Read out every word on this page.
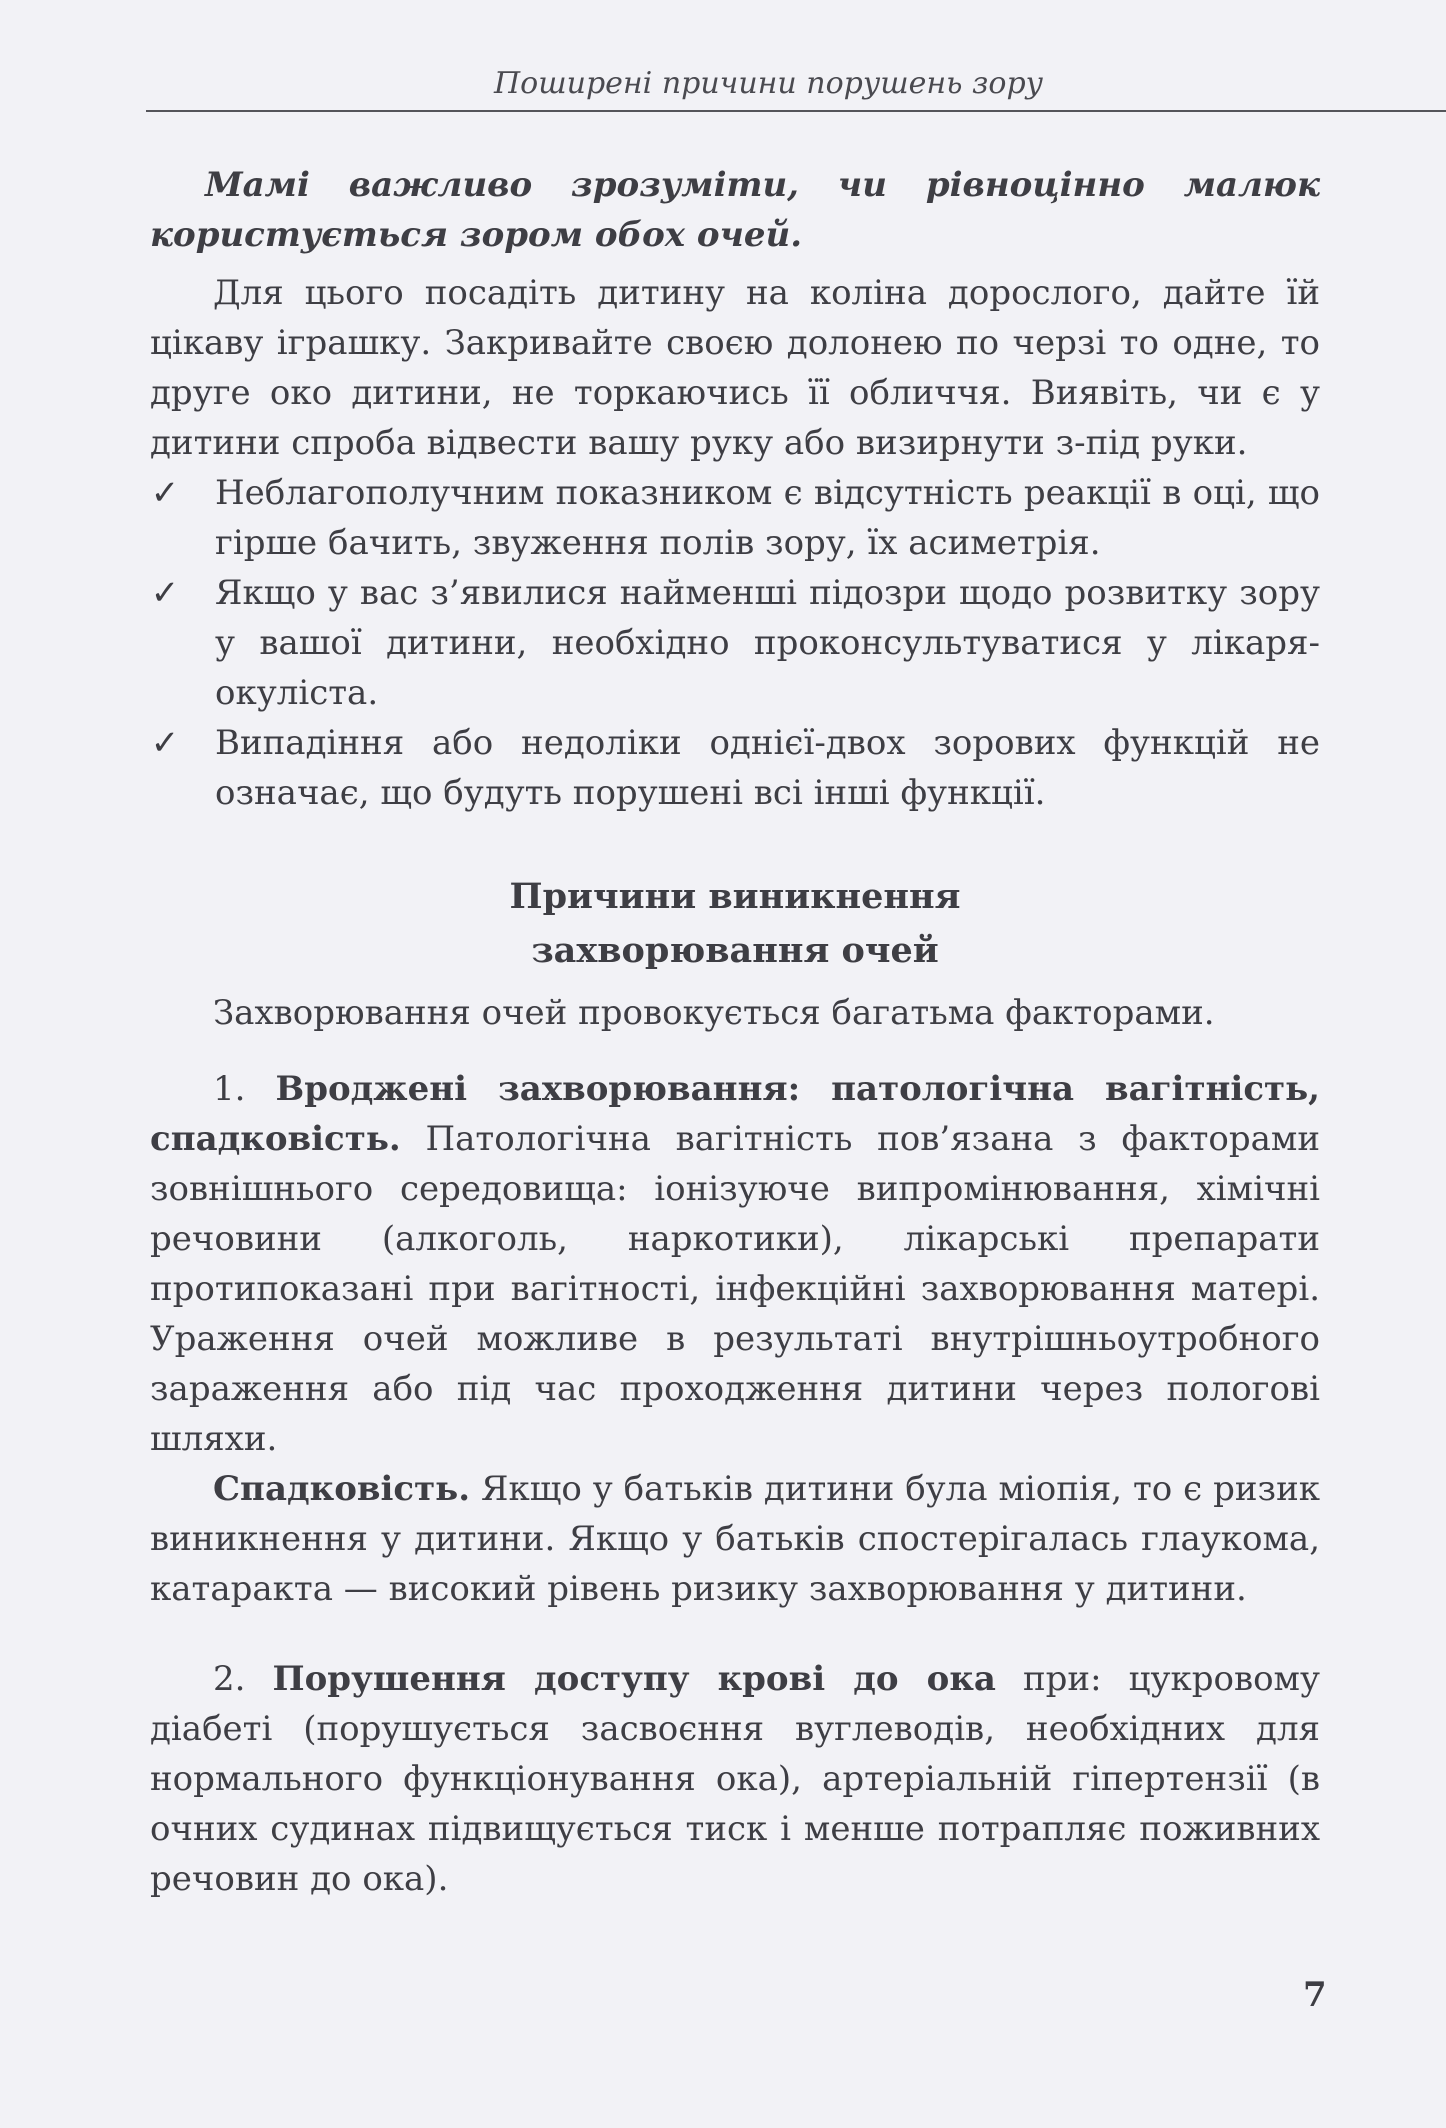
Поширені причини порушень зору

Мамі важливо зрозуміти, чи рівноцінно малюк користується зором обох очей.

Для цього посадіть дитину на коліна дорослого, дайте їй цікаву іграшку. Закривайте своєю долонею по черзі то одне, то друге око дитини, не торкаючись її обличчя. Виявіть, чи є у дитини спроба відвести вашу руку або визирнути з-під руки.

✓ Неблагополучним показником є відсутність реакції в оці, що гірше бачить, звуження полів зору, їх асиметрія.
✓ Якщо у вас з’явилися найменші підозри щодо розвитку зору у вашої дитини, необхідно проконсультуватися у лікаря-окуліста.
✓ Випадіння або недоліки однієї-двох зорових функцій не означає, що будуть порушені всі інші функції.
Причини виникнення
захворювання очей

Захворювання очей провокується багатьма факторами.

1. Вроджені захворювання: патологічна вагітність, спадковість. Патологічна вагітність пов’язана з факторами зовнішнього середовища: іонізуюче випромінювання, хімічні речовини (алкоголь, наркотики), лікарські препарати протипоказані при вагітності, інфекційні захворювання матері. Ураження очей можливе в результаті внутрішньоутробного зараження або під час проходження дитини через пологові шляхи.

Спадковість. Якщо у батьків дитини була міопія, то є ризик виникнення у дитини. Якщо у батьків спостерігалась глаукома, катаракта — високий рівень ризику захворювання у дитини.

2. Порушення доступу крові до ока при: цукровому діабеті (порушується засвоєння вуглеводів, необхідних для нормального функціонування ока), артеріальній гіпертензії (в очних судинах підвищується тиск і менше потрапляє поживних речовин до ока).

7
